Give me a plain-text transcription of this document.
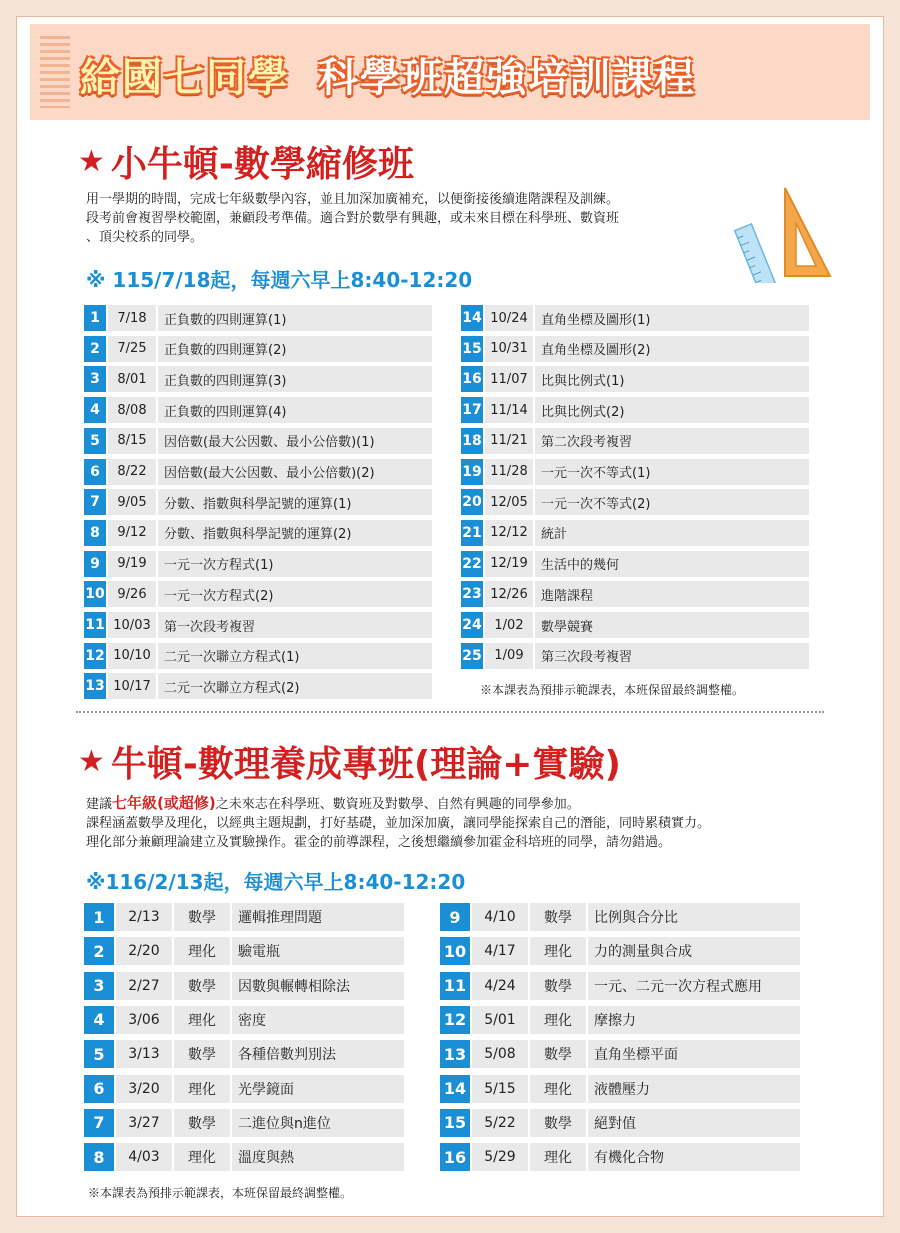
給國七同學 科學班超強培訓課程
★ 小牛頓-數學縮修班
用一學期的時間，完成七年級數學內容，並且加深加廣補充，以便銜接後續進階課程及訓練。
段考前會複習學校範圍，兼顧段考準備。適合對於數學有興趣，或未來目標在科學班、數資班
、頂尖校系的同學。
※ 115/7/18起，每週六早上8:40-12:20
1	7/18	正負數的四則運算(1)
2	7/25	正負數的四則運算(2)
3	8/01	正負數的四則運算(3)
4	8/08	正負數的四則運算(4)
5	8/15	因倍數(最大公因數、最小公倍數)(1)
6	8/22	因倍數(最大公因數、最小公倍數)(2)
7	9/05	分數、指數與科學記號的運算(1)
8	9/12	分數、指數與科學記號的運算(2)
9	9/19	一元一次方程式(1)
10 9/26	一元一次方程式(2)
11 10/03	第一次段考複習
12 10/10	二元一次聯立方程式(1)
13 10/17	二元一次聯立方程式(2)
14 10/24	直角坐標及圖形(1)
15 10/31	直角坐標及圖形(2)
16 11/07	比與比例式(1)
17 11/14	比與比例式(2)
18 11/21	第二次段考複習
19 11/28	一元一次不等式(1)
20 12/05	一元一次不等式(2)
21 12/12	統計
22 12/19	生活中的幾何
23 12/26	進階課程
24 1/02	數學競賽
25 1/09	第三次段考複習
※本課表為預排示範課表，本班保留最終調整權。
★ 牛頓-數理養成專班(理論+實驗)
建議七年級(或超修)之未來志在科學班、數資班及對數學、自然有興趣的同學參加。
課程涵蓋數學及理化，以經典主題規劃，打好基礎，並加深加廣，讓同學能探索自己的潛能，同時累積實力。
理化部分兼顧理論建立及實驗操作。霍金的前導課程，之後想繼續參加霍金科培班的同學，請勿錯過。
※116/2/13起，每週六早上8:40-12:20
1	2/13	數學	邏輯推理問題
2	2/20	理化	驗電瓶
3	2/27	數學	因數與輾轉相除法
4	3/06	理化	密度
5	3/13	數學	各種倍數判別法
6	3/20	理化	光學鏡面
7	3/27	數學	二進位與n進位
8	4/03	理化	溫度與熱
9	4/10	數學	比例與合分比
10	4/17	理化	力的測量與合成
11	4/24	數學	一元、二元一次方程式應用
12	5/01	理化	摩擦力
13	5/08	數學	直角坐標平面
14	5/15	理化	液體壓力
15	5/22	數學	絕對值
16	5/29	理化	有機化合物
※本課表為預排示範課表，本班保留最終調整權。
